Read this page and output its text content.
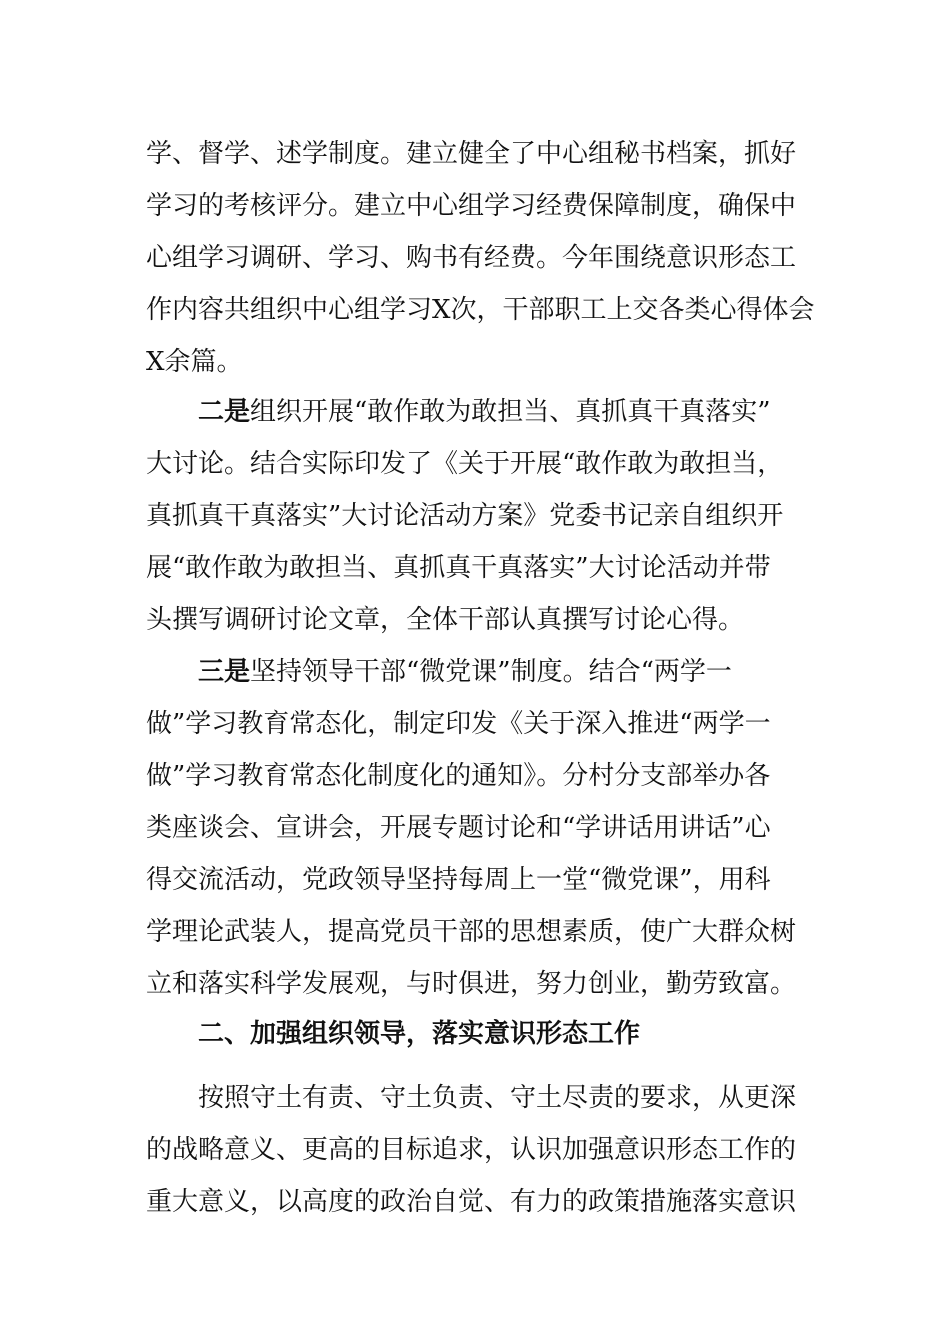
学、督学、述学制度。建立健全了中心组秘书档案，抓好
学习的考核评分。建立中心组学习经费保障制度，确保中
心组学习调研、学习、购书有经费。今年围绕意识形态工
作内容共组织中心组学习X次，干部职工上交各类心得体会
X余篇。
二是组织开展“敢作敢为敢担当、真抓真干真落实”
大讨论。结合实际印发了《关于开展“敢作敢为敢担当，
真抓真干真落实”大讨论活动方案》党委书记亲自组织开
展“敢作敢为敢担当、真抓真干真落实”大讨论活动并带
头撰写调研讨论文章，全体干部认真撰写讨论心得。
三是坚持领导干部“微党课”制度。结合“两学一
做”学习教育常态化，制定印发《关于深入推进“两学一
做”学习教育常态化制度化的通知》。分村分支部举办各
类座谈会、宣讲会，开展专题讨论和“学讲话用讲话”心
得交流活动，党政领导坚持每周上一堂“微党课”，用科
学理论武装人，提高党员干部的思想素质，使广大群众树
立和落实科学发展观，与时俱进，努力创业，勤劳致富。
二、加强组织领导，落实意识形态工作
按照守土有责、守土负责、守土尽责的要求，从更深
的战略意义、更高的目标追求，认识加强意识形态工作的
重大意义，以高度的政治自觉、有力的政策措施落实意识
